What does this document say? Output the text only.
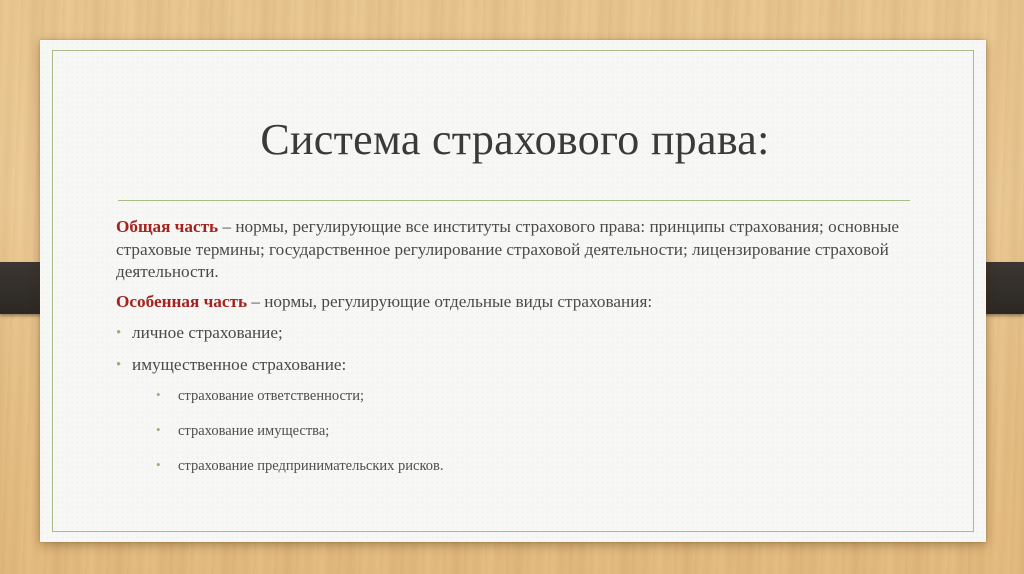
Система страхового права:

Общая часть – нормы, регулирующие все институты страхового права: принципы страхования; основные страховые термины; государственное регулирование страховой деятельности; лицензирование страховой деятельности.

Особенная часть – нормы, регулирующие отдельные виды страхования:

• личное страхование;
• имущественное страхование:
• страхование ответственности;
• страхование имущества;
• страхование предпринимательских рисков.
